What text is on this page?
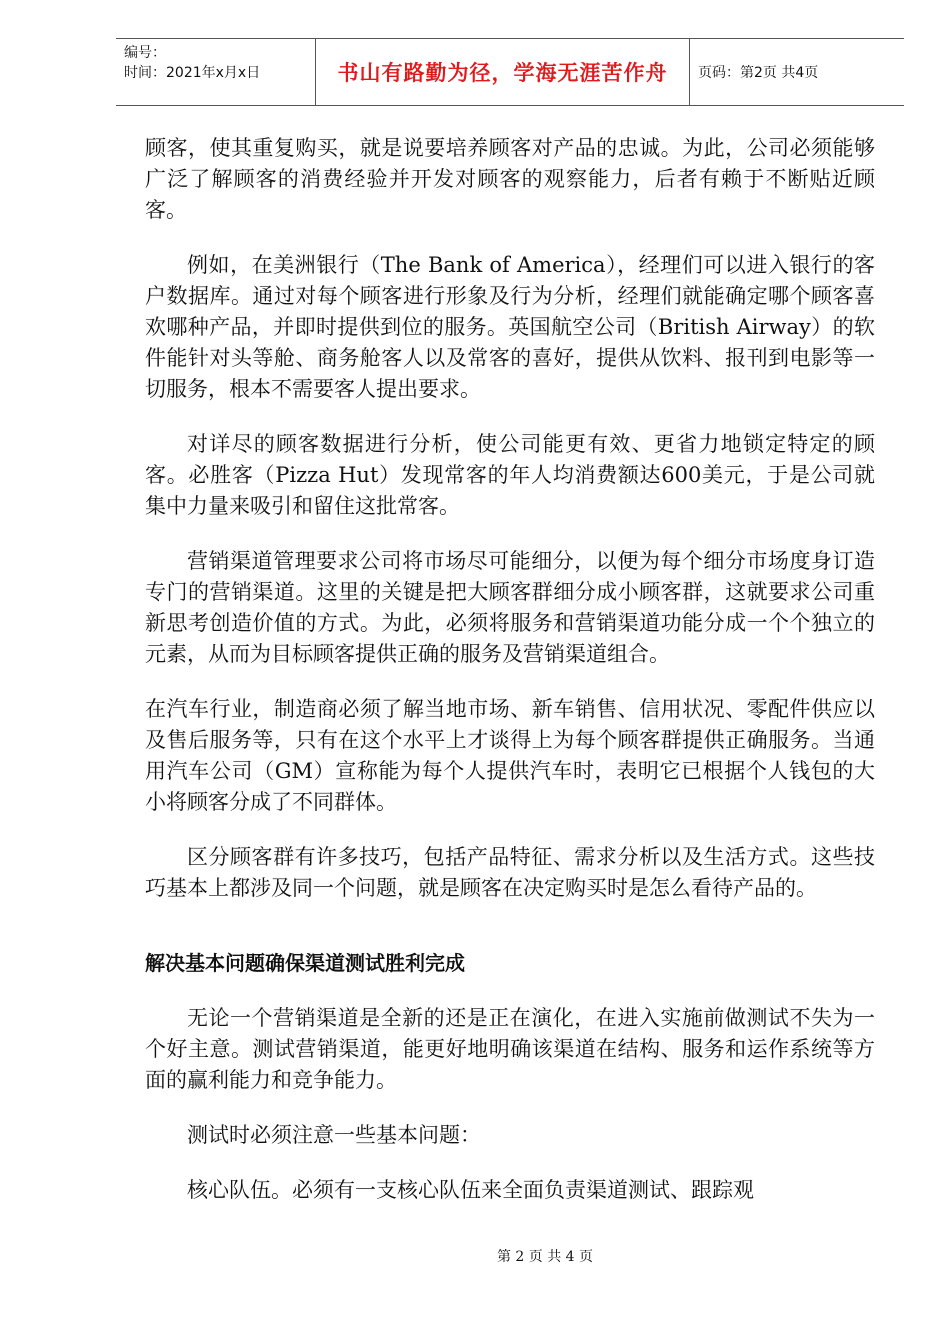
编号：
时间：2021年x月x日	书山有路勤为径，学海无涯苦作舟	页码：第2页 共4页

顾客，使其重复购买，就是说要培养顾客对产品的忠诚。为此，公司必须能够广泛了解顾客的消费经验并开发对顾客的观察能力，后者有赖于不断贴近顾客。

例如，在美洲银行（The Bank of America），经理们可以进入银行的客户数据库。通过对每个顾客进行形象及行为分析，经理们就能确定哪个顾客喜欢哪种产品，并即时提供到位的服务。英国航空公司（British Airway）的软件能针对头等舱、商务舱客人以及常客的喜好，提供从饮料、报刊到电影等一切服务，根本不需要客人提出要求。

对详尽的顾客数据进行分析，使公司能更有效、更省力地锁定特定的顾客。必胜客（Pizza Hut）发现常客的年人均消费额达600美元，于是公司就集中力量来吸引和留住这批常客。

营销渠道管理要求公司将市场尽可能细分，以便为每个细分市场度身订造专门的营销渠道。这里的关键是把大顾客群细分成小顾客群，这就要求公司重新思考创造价值的方式。为此，必须将服务和营销渠道功能分成一个个独立的元素，从而为目标顾客提供正确的服务及营销渠道组合。

在汽车行业，制造商必须了解当地市场、新车销售、信用状况、零配件供应以及售后服务等，只有在这个水平上才谈得上为每个顾客群提供正确服务。当通用汽车公司（GM）宣称能为每个人提供汽车时，表明它已根据个人钱包的大小将顾客分成了不同群体。

区分顾客群有许多技巧，包括产品特征、需求分析以及生活方式。这些技巧基本上都涉及同一个问题，就是顾客在决定购买时是怎么看待产品的。

解决基本问题确保渠道测试胜利完成

无论一个营销渠道是全新的还是正在演化，在进入实施前做测试不失为一个好主意。测试营销渠道，能更好地明确该渠道在结构、服务和运作系统等方面的赢利能力和竞争能力。

测试时必须注意一些基本问题：

核心队伍。必须有一支核心队伍来全面负责渠道测试、跟踪观

第 2 页 共 4 页
